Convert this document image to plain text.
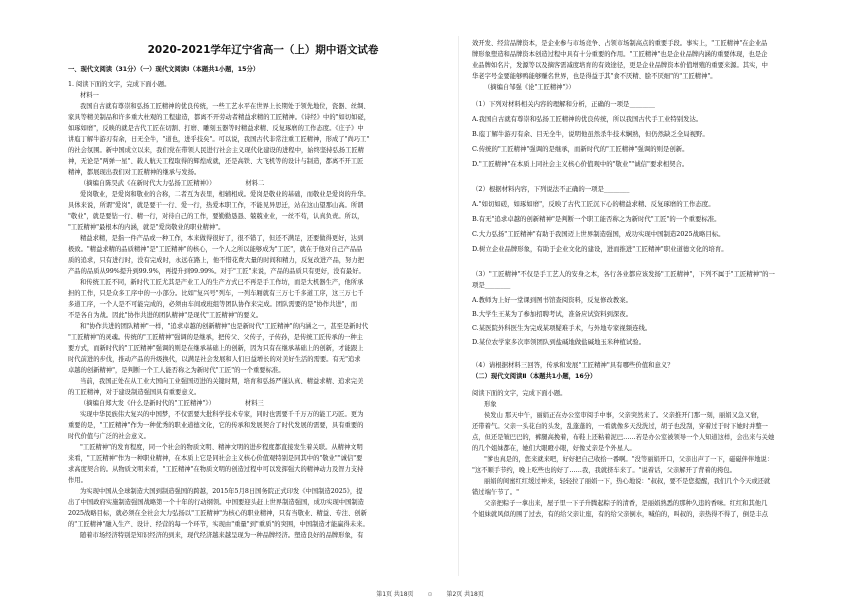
2020-2021学年辽宁省高一（上）期中语文试卷
一、现代文阅读（31分）（一）现代文阅读Ⅰ（本题共1小题，15分）
1. 阅读下面的文字，完成下面小题。
材料一
我国自古就有尊崇和弘扬工匠精神的优良传统，一些工艺水平在世界上长期处于领先地位，瓷器、丝绸、
家具等精美制品和许多重大杜观的工程建造，都离不开劳动者精益求精的工匠精神。《诗经》中的"如切如磋，
如琢如磨"，反映的就是古代工匠在切割、打磨、雕刻玉器等时精益求精、反复琢磨的工作态度。《庄子》中
讲庖丁解牛游刃有余，日无全牛，"道也，进乎技矣"。可以说，我国古代非常注重工匠精神，形成了"尚巧工"
的社会氛围。新中国成立以来，我们党在带领人民进行社会主义现代化建设的进程中，始终坚持弘扬工匠精
神，无论是"两弹一星"、载人航天工程取得的辉煌成就，还是高铁、大飞机等的设计与制造，都离不开工匠
精神，都展现出我们对工匠精神的继承与发扬。
（摘编自陈昊武《在新时代大力弘扬工匠精神》）	材料二
爱岗敬业，是爱岗和敬业的合称，二者互为表里，相辅相成。爱岗是敬业的基础，而敬业是爱岗的升华。
具体来说，所谓"爱岗"，就是要干一行、爱一行，热爱本职工作，不能见异思迁，站在这山望那山高。所谓
"敬业"，就是要钻一行、精一行，对待自己的工作，要勤勤恳恳、兢兢业业，一丝不苟，认真负责。所以，
"工匠精神"最根本的内涵，就是"爱岗敬业的职业精神"。
精益求精，是指一件产品或一种工作，本来做得很好了，很不错了，但还不满足，还要做得更好，达到
极致。"精益求精的品质精神"是"工匠精神"的核心，一个人之所以能够成为"工匠"，就在于他对自己产品品
质的追求，只有进行时，没有完成时，永远在路上，他不惜花费大量的时间和精力，反复改进产品，努力把
产品的品质从99%提升到99.9%，再提升到99.99%。对于"工匠"来说，产品的品质只有更好，没有最好。
和传统工匠不同，新时代工匠尤其是产业工人的生产方式已不再是手工作坊，而是大机器生产，他所承
担的工作，只是众多工序中的一小部分。比如"复兴号"列车，一列车厢就有三万七千多道工序，这三万七千
多道工序，一个人是不可能完成的，必须由车间或班组等团队协作来完成。团队需要的是"协作共进"，而
不是各自为战。因此"协作共进的团队精神"是现代"工匠精神"的要义。
和"协作共进的团队精神"一样，"追求卓越的创新精神"也是新时代"工匠精神"的内涵之一，甚至是新时代
"工匠精神"的灵魂。传统的"工匠精神"强调的是继承，把传父、父传子，子传孙，是传统工匠传承的一种主
要方式，而新时代的"工匠精神"强调的则是在继承基础上的创新，因为只有在继承基础上的创新，才能跟上
时代前进的步伐，推动产品的升级换代，以满足社会发展和人们日益增长的对美好生活的需要。有无"追求
卓越的创新精神"，是判断一个工人能否称之为新时代"工匠"的一个重要标准。
当前，我国正处在从工业大国向工业强国迈进的关键时期，培育和弘扬严谨认真、精益求精、追求完美
的工匠精神，对于建设制造强国具有重要意义。
（摘编自郑大发《什么是新时代的"工匠精神"》）	材料三
实现中华民族伟大复兴的中国梦，不仅需要大批科学技术专家，同时也需要千千万万的能工巧匠。更为
重要的是，"工匠精神"作为一种优秀的职业道德文化，它的传承和发展契合了时代发展的需要，具有重要的
时代价值与广泛的社会意义。
"工匠精神"的发育程度，同一个社会的物质文明、精神文明的进步程度都直接发生着关联。从精神文明
来看，"工匠精神"作为一种职业精神，在本质上它是同社会主义核心价值观特别是同其中的"敬业""诚信"要
求高度契合的。从物质文明来看，"工匠精神"在物质文明的创造过程中可以发挥强大的精神动力及智力支持
作用。
为实现中国从全球制造大国到制造强国的跨越，2015年5月8日国务院正式印发《中国制造2025》，提
出了中国政府实施制造强国战略第一个十年的行动纲领。中国要迎头赶上世界制造强国，成功实现中国制造
2025战略目标，就必须在全社会大力弘扬以"工匠精神"为核心的职业精神，只有当敬业、精益、专注、创新
的"工匠精神"融入生产、设计、经营的每一个环节，实现由"重量"到"重质"的突围，中国制造才能赢得未来。
随着市场经济特别是知识经济的到来，现代经济越来越呈现为一种品牌经济。塑造良好的品牌形象，有
效开发、经营品牌资本，是企业参与市场竞争、占领市场制高点的重要手段。事实上，"工匠精神"在企业品
牌形象塑造和品牌资本创造过程中具有十分重要的作用。"工匠精神"也是企业品牌内涵的重要体现，也是企
业品牌如名片，发源等以及摘客需减度培育的有效途径，更是企业品牌资本价值增殖的重要来源。其实，中
华老字号金要能够鸭能够赚名世界，也是得益于其"食不厌精、脍不厌细"的"工匠精神"。
（摘编自邹强《论"工匠精神"》）
（1）下列对材料相关内容的理解和分析，正确的一项是________
A.我国自古就有尊崇和弘扬工匠精神的优良传统，所以我国古代手工业特别发达。
B.庖丁解牛游刃有余、目无全牛，说明他虽然杀牛技术娴熟，但仍然缺乏全局视野。
C.传统的"工匠精神"强调的是继承，而新时代的"工匠精神"强调的则是创新。
D."工匠精神"在本质上同社会主义核心价值观中的"敬业""诚信"要求相契合。
（2）根据材料内容，下列说法不正确的一项是________
A."如切如磋，如琢如磨"，反映了古代工匠沉下心的精益求精、反复琢磨的工作态度。
B.有无"追求卓越的创新精神"是判断一个职工能否称之为新时代"工匠"的一个重要标准。
C.大力弘扬"工匠精神"有助于我国迈上世界制造强国，成功实现中国制造2025战略目标。
D.树立企业品牌形象，有助于企业文化的建设，进而推进"工匠精神"职业道德文化的培育。
（3）"工匠精神"不仅是手工艺人的安身之本，各行各业都应该发扬"工匠精神"，下列不属于"工匠精神"的一
项是________
A.教师为上好一堂课到图书馆查阅资料，反复修改教案。
B.大学生王某为了参加招聘考试，准备应试资料到深夜。
C.某医院外科医生为完成某项疑难手术，与外地专家视频连线。
D.某位农学家多次率领团队到盐碱地做盐碱地玉米种植试验。
（4）请根据材料三回答，传承和发展"工匠精神"具有哪些价值和意义？
（二）现代文阅读Ⅱ（本题共1小题，16分）
阅读下面的文字，完成下面小题。
形象
侯发山 那天中午，丽娟正在办公室审阅手中事，父亲突然来了。父亲推开门那一刻，丽娟又急又窘，
还带着气。父亲一头花白的头发，乱蓬蓬的，一看就像多天没洗过，胡子也没刮，穿着过于时下她时并整一
点，但还是皱巴巴的，裤腿高挽着，布鞋上还粘着泥巴……若是办公室被领导一个人知道这样，会出来与关她
的几个姐妹都在，她们大眼瞪小眼，好像丈亲是个外星人。
"爹也真是的，您来就来吧，好好把自己收拾一番啊。"没等丽娟开口，父亲出声了一下，磁磁伴伴地说：
"这不顺手节约，晚上吃些也的好了……我，我就挤车来了。"说着话，父亲解开了背着的挎包。
丽娟的闺蜜红红缓过神来，轻轻拉了丽娟一下，热心地说："叔叔，要不是您提醒，我们几个今天或还就
错过端午节了。"
父亲把粽子一拿出来，屋子里一下子升腾起粽子的清香，是丽娟熟悉的那种久违的香味。红红和其他几
个姐妹就风似的围了过去，有的给父亲让座，有的给父亲倒水，喊伯的，叫叔的，亲热得不得了，倒是丰点
第1页 共18页 ⊙ 第2页 共18页
